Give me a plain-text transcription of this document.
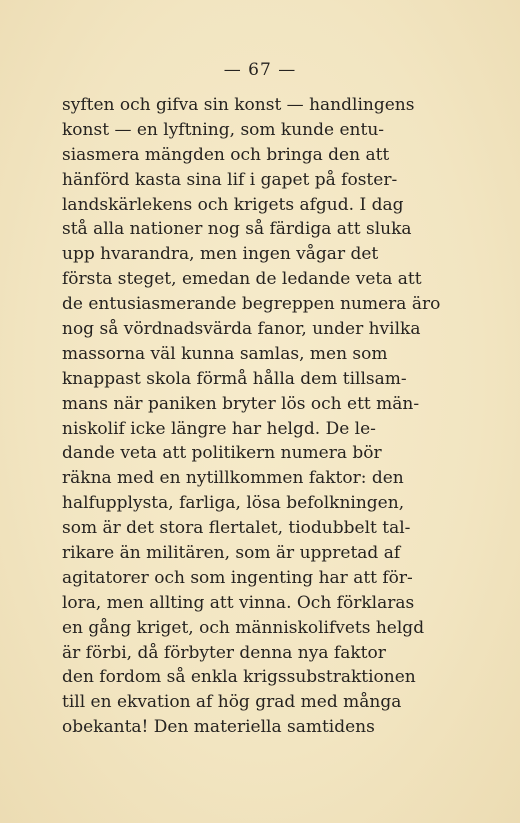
— 67 —
syften och gifva sin konst — handlingens
konst — en lyftning, som kunde entu-
siasmera mängden och bringa den att
hänförd kasta sina lif i gapet på foster-
landskärlekens och krigets afgud. I dag
stå alla nationer nog så färdiga att sluka
upp hvarandra, men ingen vågar det
första steget, emedan de ledande veta att
de entusiasmerande begreppen numera äro
nog så vördnadsvärda fanor, under hvilka
massorna väl kunna samlas, men som
knappast skola förmå hålla dem tillsam-
mans när paniken bryter lös och ett män-
niskolif icke längre har helgd. De le-
dande veta att politikern numera bör
räkna med en nytillkommen faktor: den
halfupplysta, farliga, lösa befolkningen,
som är det stora flertalet, tiodubbelt tal-
rikare än militären, som är uppretad af
agitatorer och som ingenting har att för-
lora, men allting att vinna. Och förklaras
en gång kriget, och människolifvets helgd
är förbi, då förbyter denna nya faktor
den fordom så enkla krigssubstraktionen
till en ekvation af hög grad med många
obekanta! Den materiella samtidens
